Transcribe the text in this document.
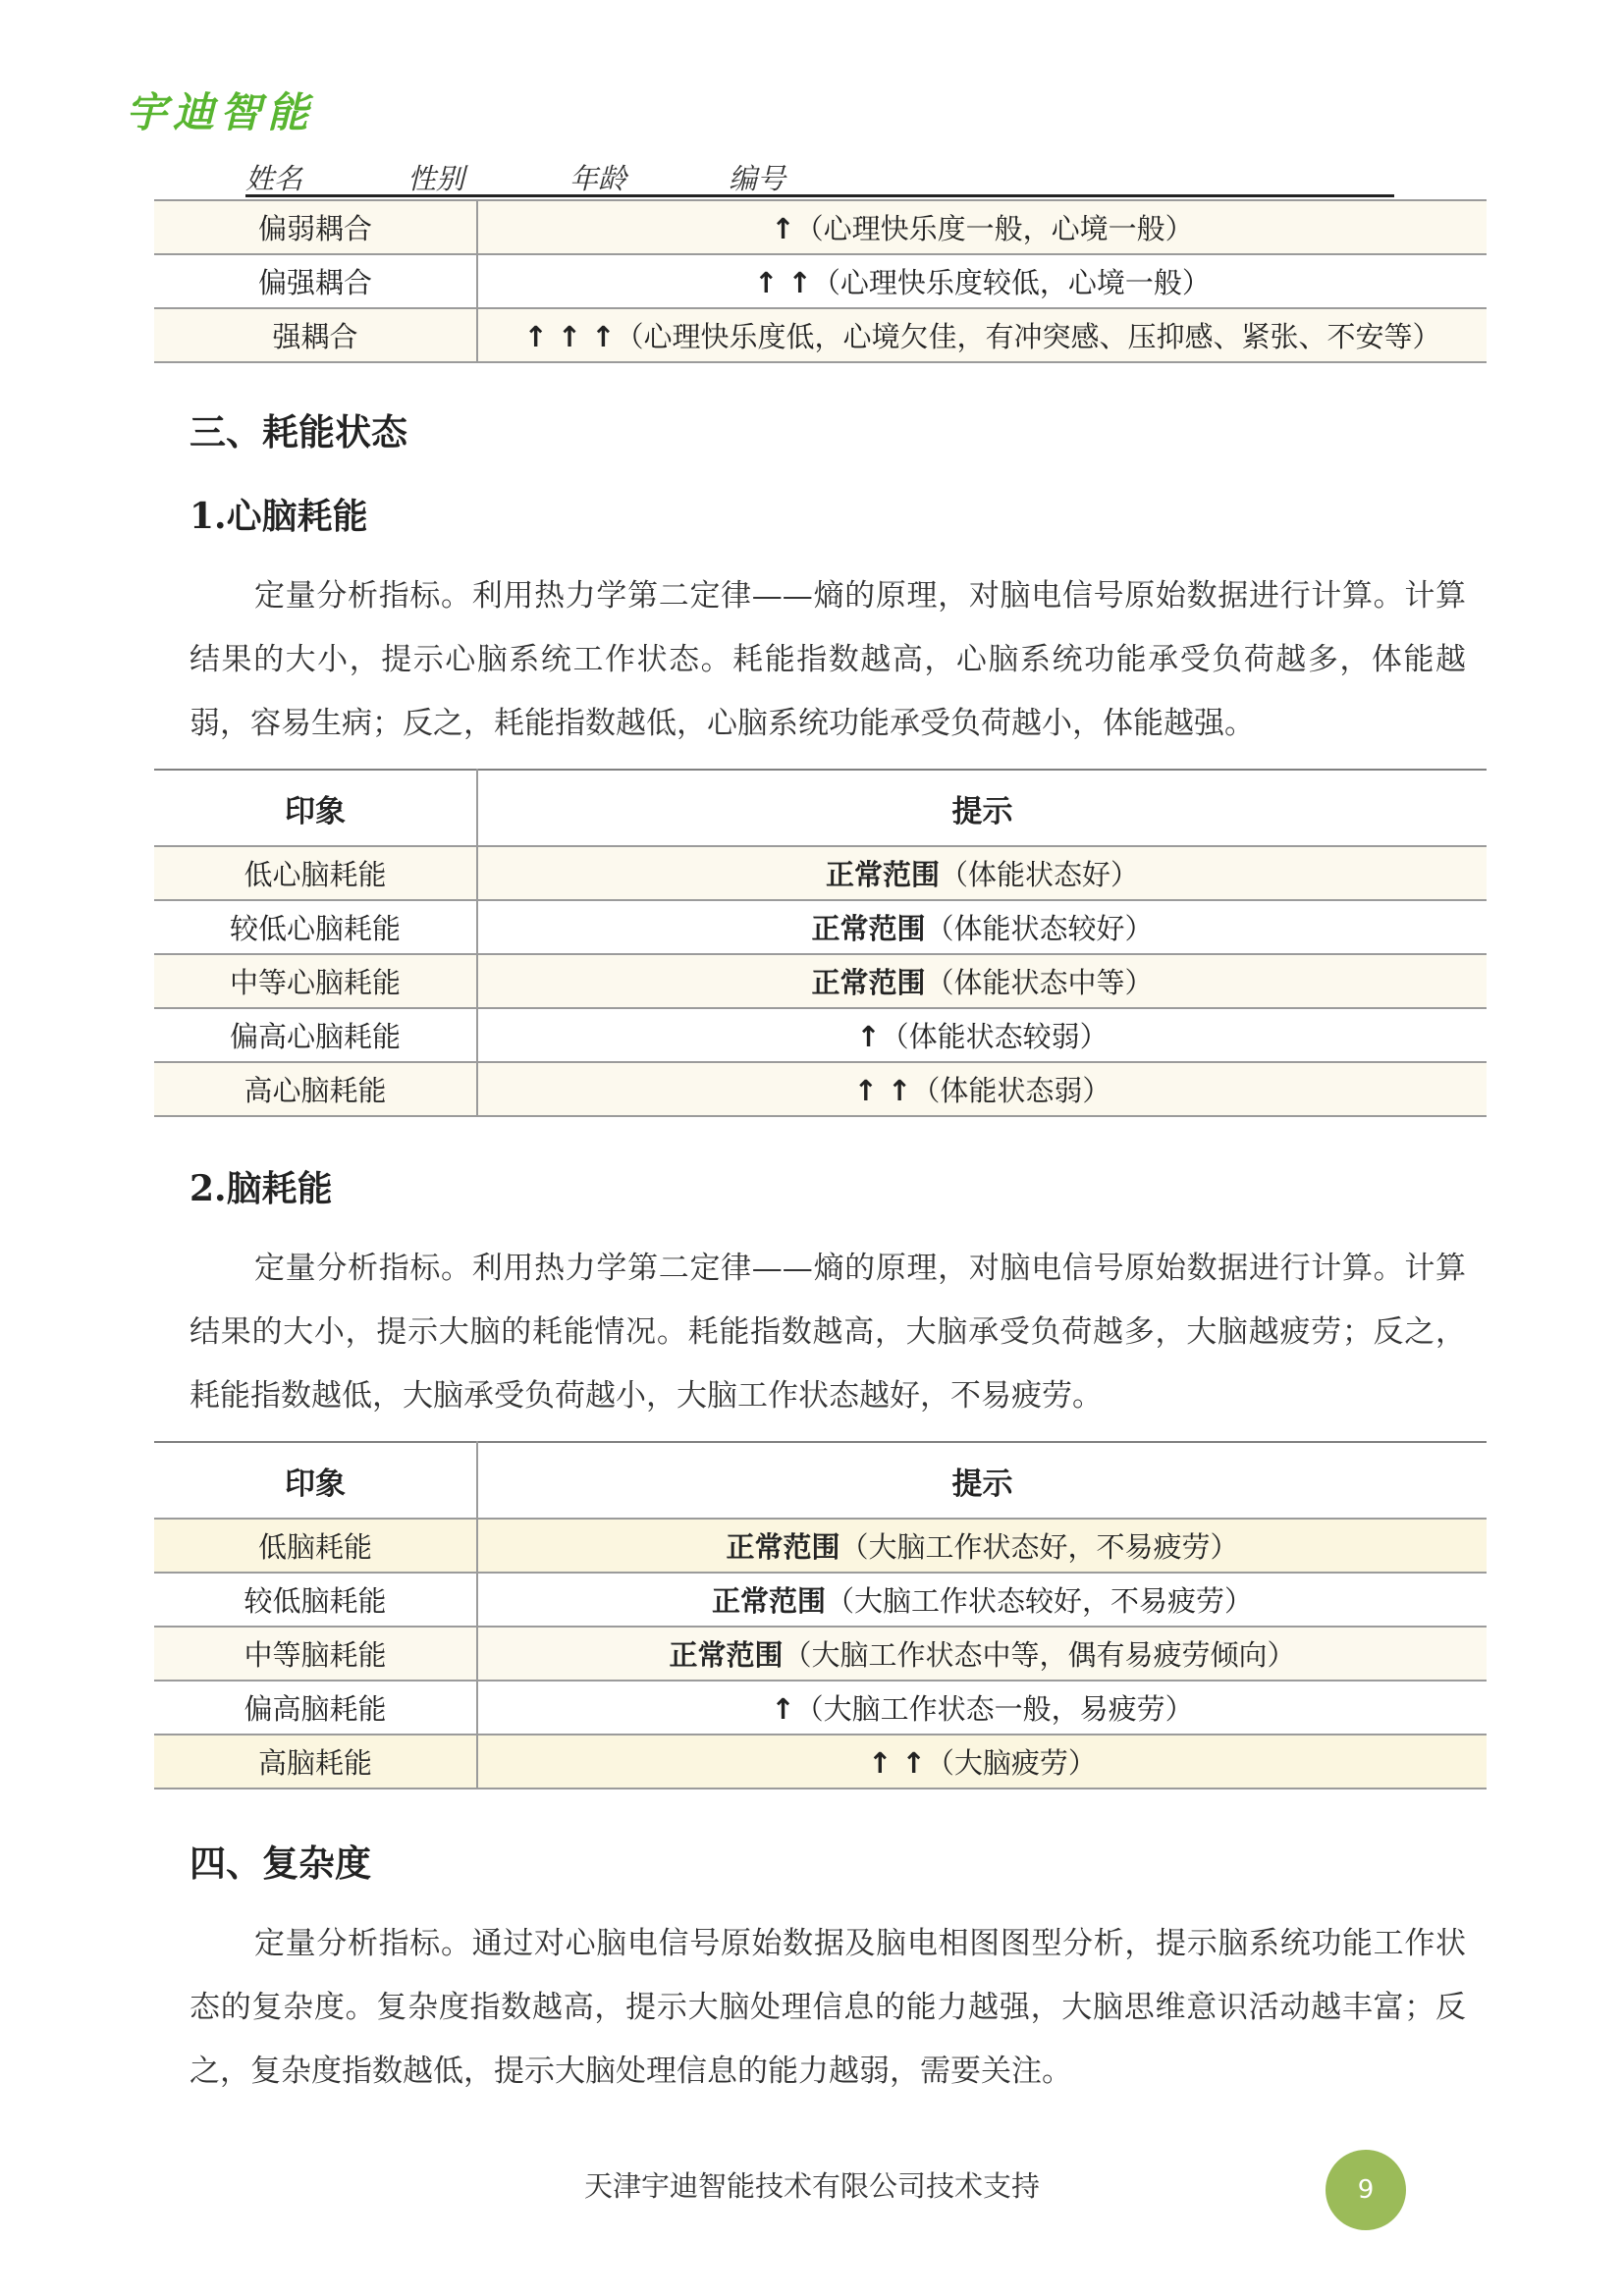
宇迪智能
姓名	性别	年龄	编号
偏弱耦合	↑（心理快乐度一般，心境一般）
偏强耦合	↑ ↑（心理快乐度较低，心境一般）
强耦合	↑ ↑ ↑（心理快乐度低，心境欠佳，有冲突感、压抑感、紧张、不安等）
三、耗能状态
1.心脑耗能
定量分析指标。利用热力学第二定律——熵的原理，对脑电信号原始数据进行计算。计算结果的大小，提示心脑系统工作状态。耗能指数越高，心脑系统功能承受负荷越多，体能越弱，容易生病；反之，耗能指数越低，心脑系统功能承受负荷越小，体能越强。
印象	提示
低心脑耗能	正常范围（体能状态好）
较低心脑耗能	正常范围（体能状态较好）
中等心脑耗能	正常范围（体能状态中等）
偏高心脑耗能	↑（体能状态较弱）
高心脑耗能	↑ ↑（体能状态弱）
2.脑耗能
定量分析指标。利用热力学第二定律——熵的原理，对脑电信号原始数据进行计算。计算结果的大小，提示大脑的耗能情况。耗能指数越高，大脑承受负荷越多，大脑越疲劳；反之，耗能指数越低，大脑承受负荷越小，大脑工作状态越好，不易疲劳。
印象	提示
低脑耗能	正常范围（大脑工作状态好，不易疲劳）
较低脑耗能	正常范围（大脑工作状态较好，不易疲劳）
中等脑耗能	正常范围（大脑工作状态中等，偶有易疲劳倾向）
偏高脑耗能	↑（大脑工作状态一般，易疲劳）
高脑耗能	↑ ↑（大脑疲劳）
四、复杂度
定量分析指标。通过对心脑电信号原始数据及脑电相图图型分析，提示脑系统功能工作状态的复杂度。复杂度指数越高，提示大脑处理信息的能力越强，大脑思维意识活动越丰富；反之，复杂度指数越低，提示大脑处理信息的能力越弱，需要关注。
天津宇迪智能技术有限公司技术支持	9
